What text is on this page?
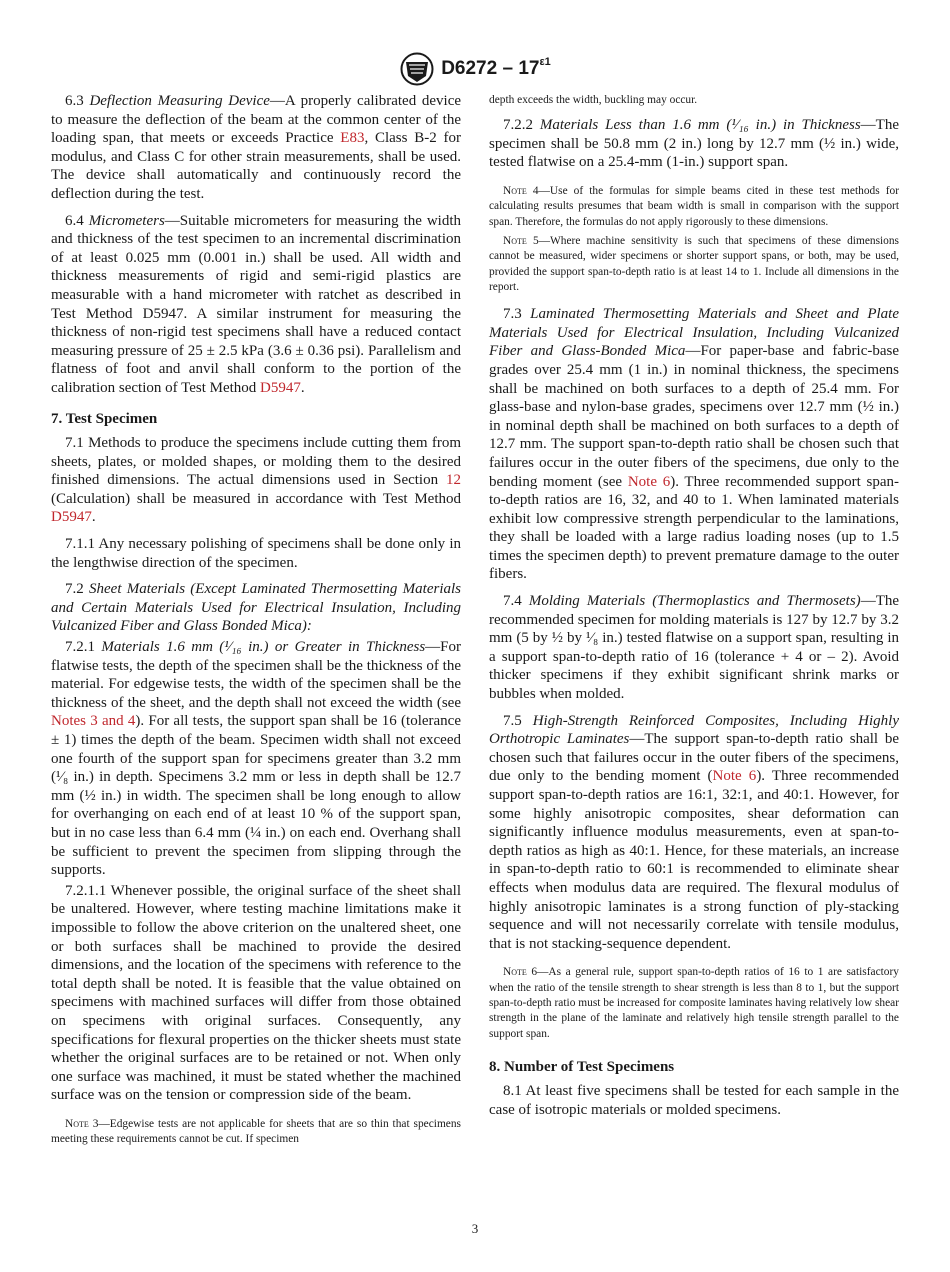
$D6272 - 17^{\varepsilon 1}$

6.3 Deflection Measuring Device—A properly calibrated device to measure the deflection of the beam at the common center of the loading span, that meets or exceeds Practice E83, Class B-2 for modulus, and Class C for other strain measurements, shall be used. The device shall automatically and continuously record the deflection during the test.

6.4 Micrometers—Suitable micrometers for measuring the width and thickness of the test specimen to an incremental discrimination of at least 0.025 mm (0.001 in.) shall be used. All width and thickness measurements of rigid and semi-rigid plastics are measurable with a hand micrometer with ratchet as described in Test Method D5947. A similar instrument for measuring the thickness of non-rigid test specimens shall have a reduced contact measuring pressure of 25 ± 2.5 kPa (3.6 ± 0.36 psi). Parallelism and flatness of foot and anvil shall conform to the portion of the calibration section of Test Method D5947.

7. Test Specimen

7.1 Methods to produce the specimens include cutting them from sheets, plates, or molded shapes, or molding them to the desired finished dimensions. The actual dimensions used in Section 12 (Calculation) shall be measured in accordance with Test Method D5947.

7.1.1 Any necessary polishing of specimens shall be done only in the lengthwise direction of the specimen.

7.2 Sheet Materials (Except Laminated Thermosetting Materials and Certain Materials Used for Electrical Insulation, Including Vulcanized Fiber and Glass Bonded Mica):

7.2.1 Materials 1.6 mm (¹⁄₁₆ in.) or Greater in Thickness—For flatwise tests, the depth of the specimen shall be the thickness of the material. For edgewise tests, the width of the specimen shall be the thickness of the sheet, and the depth shall not exceed the width (see Notes 3 and 4). For all tests, the support span shall be 16 (tolerance ± 1) times the depth of the beam. Specimen width shall not exceed one fourth of the support span for specimens greater than 3.2 mm (¹⁄₈ in.) in depth. Specimens 3.2 mm or less in depth shall be 12.7 mm (½ in.) in width. The specimen shall be long enough to allow for overhanging on each end of at least 10 % of the support span, but in no case less than 6.4 mm (¼ in.) on each end. Overhang shall be sufficient to prevent the specimen from slipping through the supports.

7.2.1.1 Whenever possible, the original surface of the sheet shall be unaltered. However, where testing machine limitations make it impossible to follow the above criterion on the unaltered sheet, one or both surfaces shall be machined to provide the desired dimensions, and the location of the specimens with reference to the total depth shall be noted. It is feasible that the value obtained on specimens with machined surfaces will differ from those obtained on specimens with original surfaces. Consequently, any specifications for flexural properties on the thicker sheets must state whether the original surfaces are to be retained or not. When only one surface was machined, it must be stated whether the machined surface was on the tension or compression side of the beam.

Note 3—Edgewise tests are not applicable for sheets that are so thin that specimens meeting these requirements cannot be cut. If specimen

depth exceeds the width, buckling may occur.

7.2.2 Materials Less than 1.6 mm (¹⁄₁₆ in.) in Thickness—The specimen shall be 50.8 mm (2 in.) long by 12.7 mm (½ in.) wide, tested flatwise on a 25.4-mm (1-in.) support span.

Note 4—Use of the formulas for simple beams cited in these test methods for calculating results presumes that beam width is small in comparison with the support span. Therefore, the formulas do not apply rigorously to these dimensions.

Note 5—Where machine sensitivity is such that specimens of these dimensions cannot be measured, wider specimens or shorter support spans, or both, may be used, provided the support span-to-depth ratio is at least 14 to 1. Include all dimensions in the report.

7.3 Laminated Thermosetting Materials and Sheet and Plate Materials Used for Electrical Insulation, Including Vulcanized Fiber and Glass-Bonded Mica—For paper-base and fabric-base grades over 25.4 mm (1 in.) in nominal thickness, the specimens shall be machined on both surfaces to a depth of 25.4 mm. For glass-base and nylon-base grades, specimens over 12.7 mm (½ in.) in nominal depth shall be machined on both surfaces to a depth of 12.7 mm. The support span-to-depth ratio shall be chosen such that failures occur in the outer fibers of the specimens, due only to the bending moment (see Note 6). Three recommended support span-to-depth ratios are 16, 32, and 40 to 1. When laminated materials exhibit low compressive strength perpendicular to the laminations, they shall be loaded with a large radius loading noses (up to 1.5 times the specimen depth) to prevent premature damage to the outer fibers.

7.4 Molding Materials (Thermoplastics and Thermosets)—The recommended specimen for molding materials is 127 by 12.7 by 3.2 mm (5 by ½ by ¹⁄₈ in.) tested flatwise on a support span, resulting in a support span-to-depth ratio of 16 (tolerance + 4 or – 2). Avoid thicker specimens if they exhibit significant shrink marks or bubbles when molded.

7.5 High-Strength Reinforced Composites, Including Highly Orthotropic Laminates—The support span-to-depth ratio shall be chosen such that failures occur in the outer fibers of the specimens, due only to the bending moment (Note 6). Three recommended support span-to-depth ratios are 16:1, 32:1, and 40:1. However, for some highly anisotropic composites, shear deformation can significantly influence modulus measurements, even at span-to-depth ratios as high as 40:1. Hence, for these materials, an increase in span-to-depth ratio to 60:1 is recommended to eliminate shear effects when modulus data are required. The flexural modulus of highly anisotropic laminates is a strong function of ply-stacking sequence and will not necessarily correlate with tensile modulus, that is not stacking-sequence dependent.

Note 6—As a general rule, support span-to-depth ratios of 16 to 1 are satisfactory when the ratio of the tensile strength to shear strength is less than 8 to 1, but the support span-to-depth ratio must be increased for composite laminates having relatively low shear strength in the plane of the laminate and relatively high tensile strength parallel to the support span.

8. Number of Test Specimens

8.1 At least five specimens shall be tested for each sample in the case of isotropic materials or molded specimens.

3
